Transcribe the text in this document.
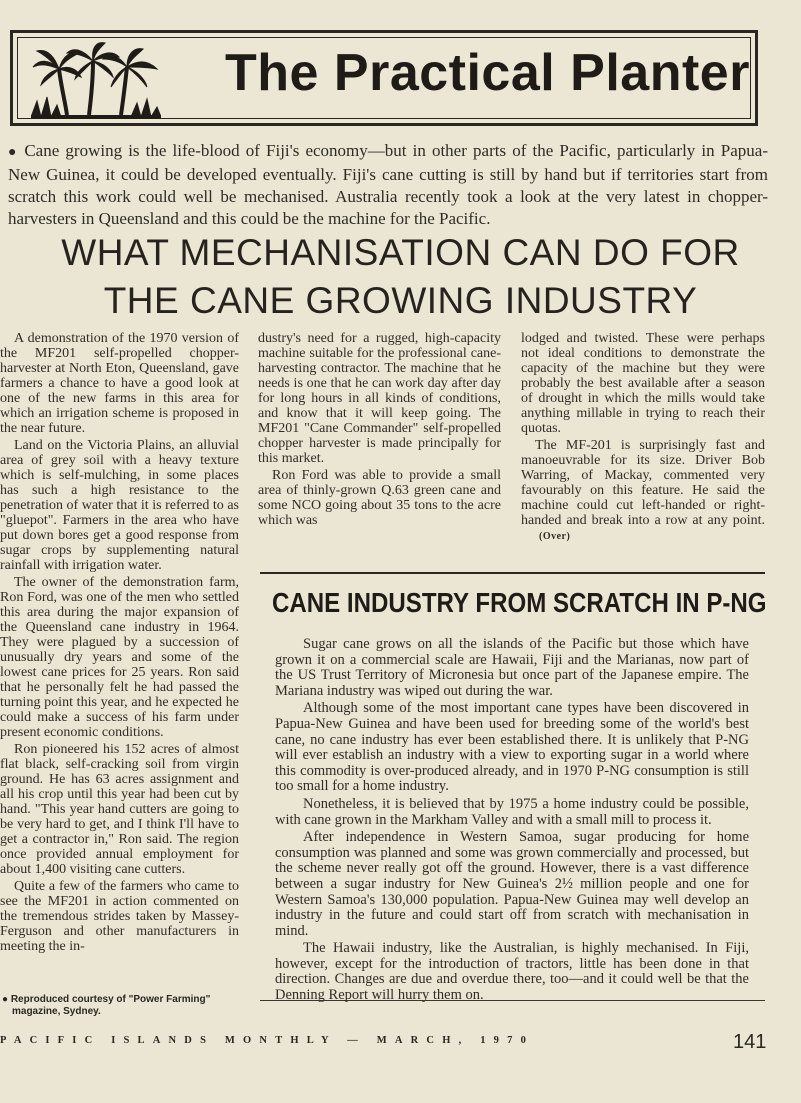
The Practical Planter
● Cane growing is the life-blood of Fiji's economy—but in other parts of the Pacific, particularly in Papua-New Guinea, it could be developed eventually. Fiji's cane cutting is still by hand but if territories start from scratch this work could well be mechanised. Australia recently took a look at the very latest in chopper-harvesters in Queensland and this could be the machine for the Pacific.
WHAT MECHANISATION CAN DO FOR
THE CANE GROWING INDUSTRY

A demonstration of the 1970 version of the MF201 self-propelled chopper-harvester at North Eton, Queensland, gave farmers a chance to have a good look at one of the new farms in this area for which an irrigation scheme is proposed in the near future.

Land on the Victoria Plains, an alluvial area of grey soil with a heavy texture which is self-mulching, in some places has such a high resistance to the penetration of water that it is referred to as "gluepot". Farmers in the area who have put down bores get a good response from sugar crops by supplementing natural rainfall with irrigation water.

The owner of the demonstration farm, Ron Ford, was one of the men who settled this area during the major expansion of the Queensland cane industry in 1964. They were plagued by a succession of unusually dry years and some of the lowest cane prices for 25 years. Ron said that he personally felt he had passed the turning point this year, and he expected he could make a success of his farm under present economic conditions.

Ron pioneered his 152 acres of almost flat black, self-cracking soil from virgin ground. He has 63 acres assignment and all his crop until this year had been cut by hand. "This year hand cutters are going to be very hard to get, and I think I'll have to get a contractor in," Ron said. The region once provided annual employment for about 1,400 visiting cane cutters.

Quite a few of the farmers who came to see the MF201 in action commented on the tremendous strides taken by Massey-Ferguson and other manufacturers in meeting the in-

dustry's need for a rugged, high-capacity machine suitable for the professional cane-harvesting contractor. The machine that he needs is one that he can work day after day for long hours in all kinds of conditions, and know that it will keep going. The MF201 "Cane Commander" self-propelled chopper harvester is made principally for this market.

Ron Ford was able to provide a small area of thinly-grown Q.63 green cane and some NCO going about 35 tons to the acre which was

lodged and twisted. These were perhaps not ideal conditions to demonstrate the capacity of the machine but they were probably the best available after a season of drought in which the mills would take anything millable in trying to reach their quotas.

The MF-201 is surprisingly fast and manoeuvrable for its size. Driver Bob Warring, of Mackay, commented very favourably on this feature. He said the machine could cut left-handed or right-handed and break into a row at any point.(Over)

CANE INDUSTRY FROM SCRATCH IN P-NG

Sugar cane grows on all the islands of the Pacific but those which have grown it on a commercial scale are Hawaii, Fiji and the Marianas, now part of the US Trust Territory of Micronesia but once part of the Japanese empire. The Mariana industry was wiped out during the war.

Although some of the most important cane types have been discovered in Papua-New Guinea and have been used for breeding some of the world's best cane, no cane industry has ever been established there. It is unlikely that P-NG will ever establish an industry with a view to exporting sugar in a world where this commodity is over-produced already, and in 1970 P-NG consumption is still too small for a home industry.

Nonetheless, it is believed that by 1975 a home industry could be possible, with cane grown in the Markham Valley and with a small mill to process it.

After independence in Western Samoa, sugar producing for home consumption was planned and some was grown commercially and processed, but the scheme never really got off the ground. However, there is a vast difference between a sugar industry for New Guinea's 2½ million people and one for Western Samoa's 130,000 population. Papua-New Guinea may well develop an industry in the future and could start off from scratch with mechanisation in mind.

The Hawaii industry, like the Australian, is highly mechanised. In Fiji, however, except for the introduction of tractors, little has been done in that direction. Changes are due and overdue there, too—and it could well be that the Denning Report will hurry them on.

● Reproduced courtesy of "Power Farming"
magazine, Sydney.
PACIFIC ISLANDS MONTHLY — MARCH, 1970	141
